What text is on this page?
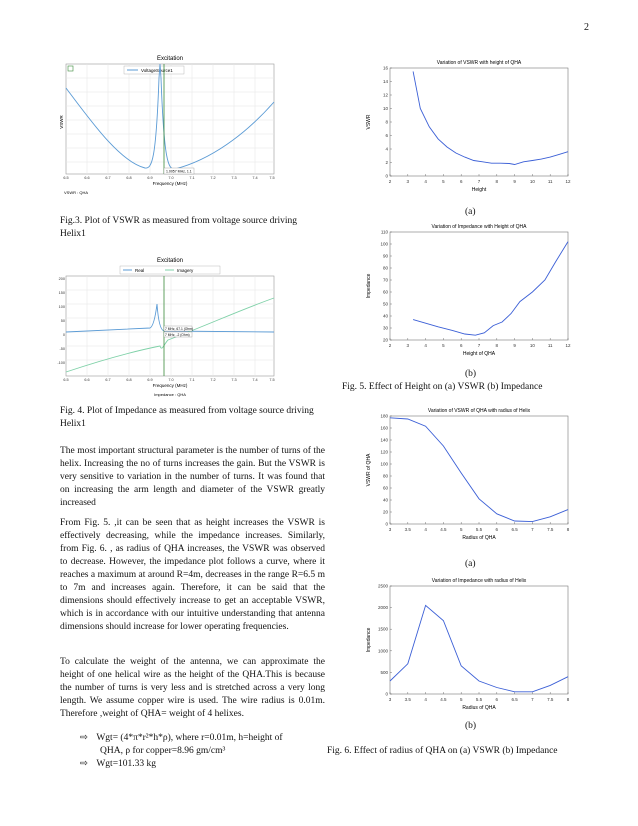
2
Excitation
VoltageSource1
1.0057 MHz, 1.1
Frequency (MHz)
VSWR
6.5	6.6	6.7	6.8	6.9	7.0	7.1	7.2	7.3	7.4	7.5
VSWR : QHA
Fig.3. Plot of VSWR as measured from voltage source driving Helix1
Excitation
Real	Imagery
7 MHz, 67.1 (Ohm)
7 MHz, -2 (Ohm)
200
150
100
50
0
-50
-100
Frequency (MHz)
6.5	6.6	6.7	6.8	6.9	7.0	7.1	7.2	7.3	7.4	7.5
Impedance : QHA
Fig. 4. Plot of Impedance as measured from voltage source driving Helix1
The most important structural parameter is the number of turns of the helix. Increasing the no of turns increases the gain. But the VSWR is very sensitive to variation in the number of turns. It was found that on increasing the arm length and diameter of the VSWR greatly increased
From Fig. 5. ,it can be seen that as height increases the VSWR is effectively decreasing, while the impedance increases. Similarly, from Fig. 6. , as radius of QHA increases, the VSWR was observed to decrease. However, the impedance plot follows a curve, where it reaches a maximum at around R=4m, decreases in the range R=6.5 m to 7m and increases again. Therefore, it can be said that the dimensions should effectively increase to get an acceptable VSWR, which is in accordance with our intuitive understanding that antenna dimensions should increase for lower operating frequencies.
To calculate the weight of the antenna, we can approximate the height of one helical wire as the height of the QHA.This is because the number of turns is very less and is stretched across a very long length. We assume copper wire is used. The wire radius is 0.01m. Therefore ,weight of QHA= weight of 4 helixes.
⇨ Wgt= (4*π*r²*h*ρ), where r=0.01m, h=height of
QHA, ρ for copper=8.96 gm/cm³
⇨ Wgt=101.33 kg
Variation of VSWR with height of QHA
2	3	4	5	6	7	8	9	10	11	12
0
2
4
6
8
10
12
14
16
Height
VSWR
(a)
Variation of Impedance with Height of QHA
2	3	4	5	6	7	8	9	10	11	12
20
30
40
50
60
70
80
90
100
110
Height of QHA
Impedance
(b)
Fig. 5. Effect of Height on (a) VSWR (b) Impedance
Variation of VSWR of QHA with radius of Helix
3	3.5	4	4.5	5	5.5	6	6.5	7	7.5	8
0
20
40
60
80
100
120
140
160
180
Radius of QHA
VSWR of QHA
(a)
Variation of Impedance with radius of Helix
3	3.5	4	4.5	5	5.5	6	6.5	7	7.5	8
0
500
1000
1500
2000
2500
Radius of QHA
Impedance
(b)
Fig. 6. Effect of radius of QHA on (a) VSWR (b) Impedance
